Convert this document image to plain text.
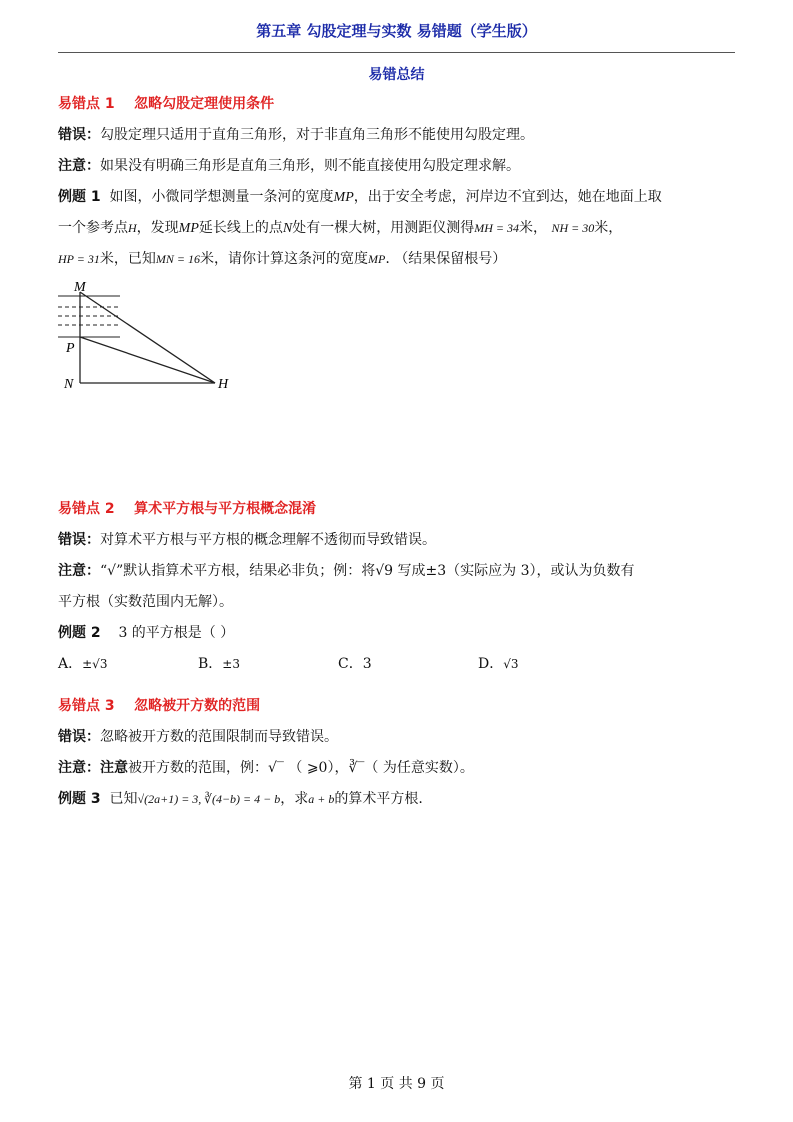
第五章 勾股定理与实数 易错题（学生版）
易错总结
易错点 1 忽略勾股定理使用条件
错误：勾股定理只适用于直角三角形，对于非直角三角形不能使用勾股定理。
注意：如果没有明确三角形是直角三角形，则不能直接使用勾股定理求解。
例题 1 如图，小微同学想测量一条河的宽度MP，出于安全考虑，河岸边不宜到达，她在地面上取
一个参考点H，发现MP延长线上的点N处有一棵大树，用测距仪测得MH = 34米， NH = 30米，
HP = 31米，已知MN = 16米，请你计算这条河的宽度MP. （结果保留根号）
M
P
N	H
易错点 2 算术平方根与平方根概念混淆
错误：对算术平方根与平方根的概念理解不透彻而导致错误。
注意：“√”默认指算术平方根，结果必非负；例：将√9 写成±3（实际应为 3），或认为负数有
平方根（实数范围内无解）。
例题 2 3 的平方根是（ ）
A．±√3	B．±3	C．3	D．√3
易错点 3 忽略被开方数的范围
错误：忽略被开方数的范围限制而导致错误。
注意：注意被开方数的范围，例：√‾ （ ⩾0），∛‾（ 为任意实数）。
例题 3 已知√(2a+1) = 3, ∛(4−b) = 4 − b，求a + b的算术平方根.
第 1 页 共 9 页
